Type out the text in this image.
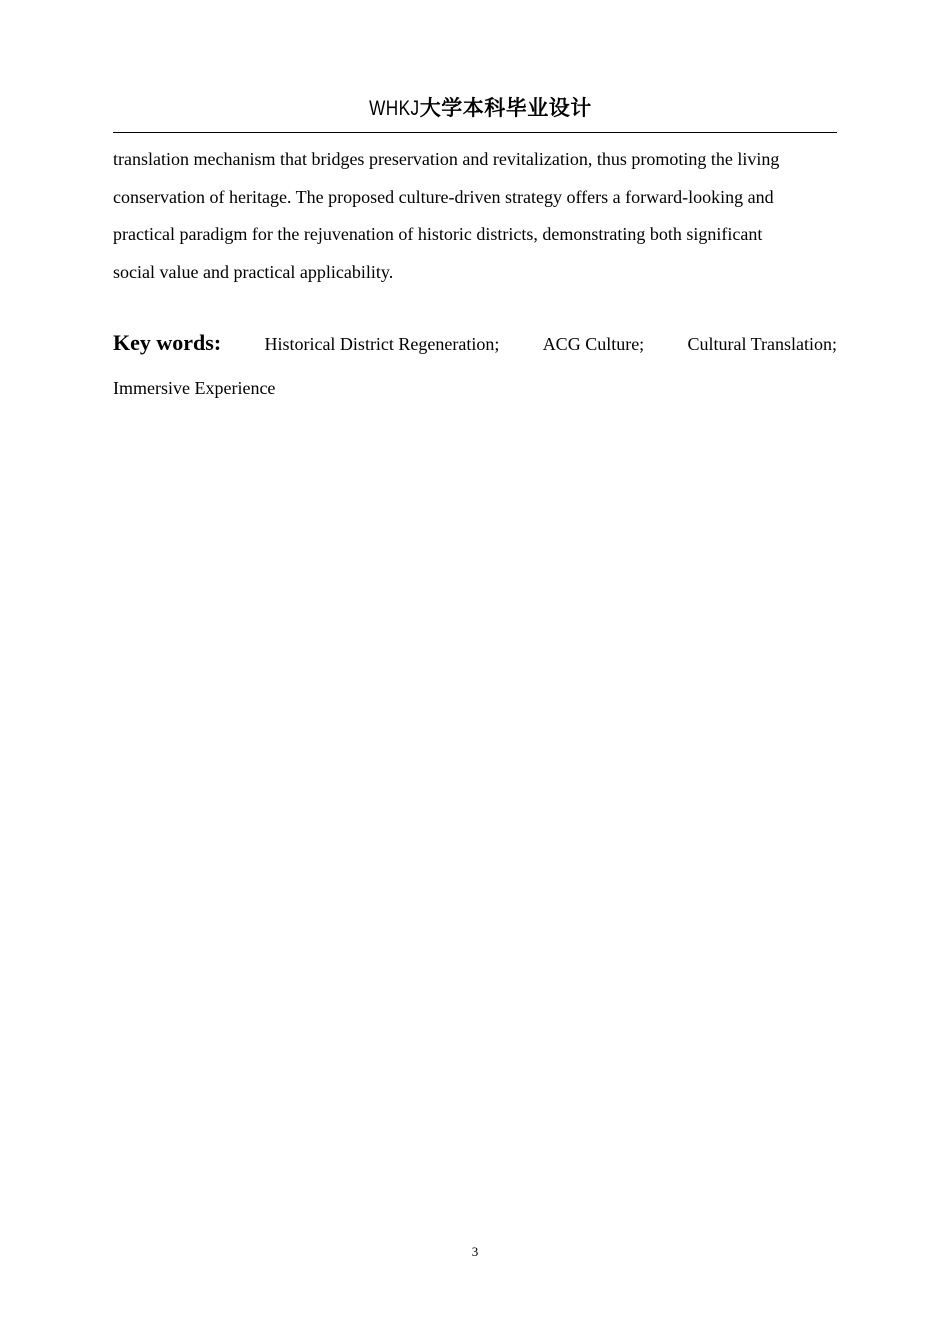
WHKJ大学本科毕业设计
translation mechanism that bridges preservation and revitalization, thus promoting the living
conservation of heritage. The proposed culture-driven strategy offers a forward-looking and
practical paradigm for the rejuvenation of historic districts, demonstrating both significant
social value and practical applicability.
Key words: Historical District Regeneration; ACG Culture; Cultural Translation;
Immersive Experience
3
